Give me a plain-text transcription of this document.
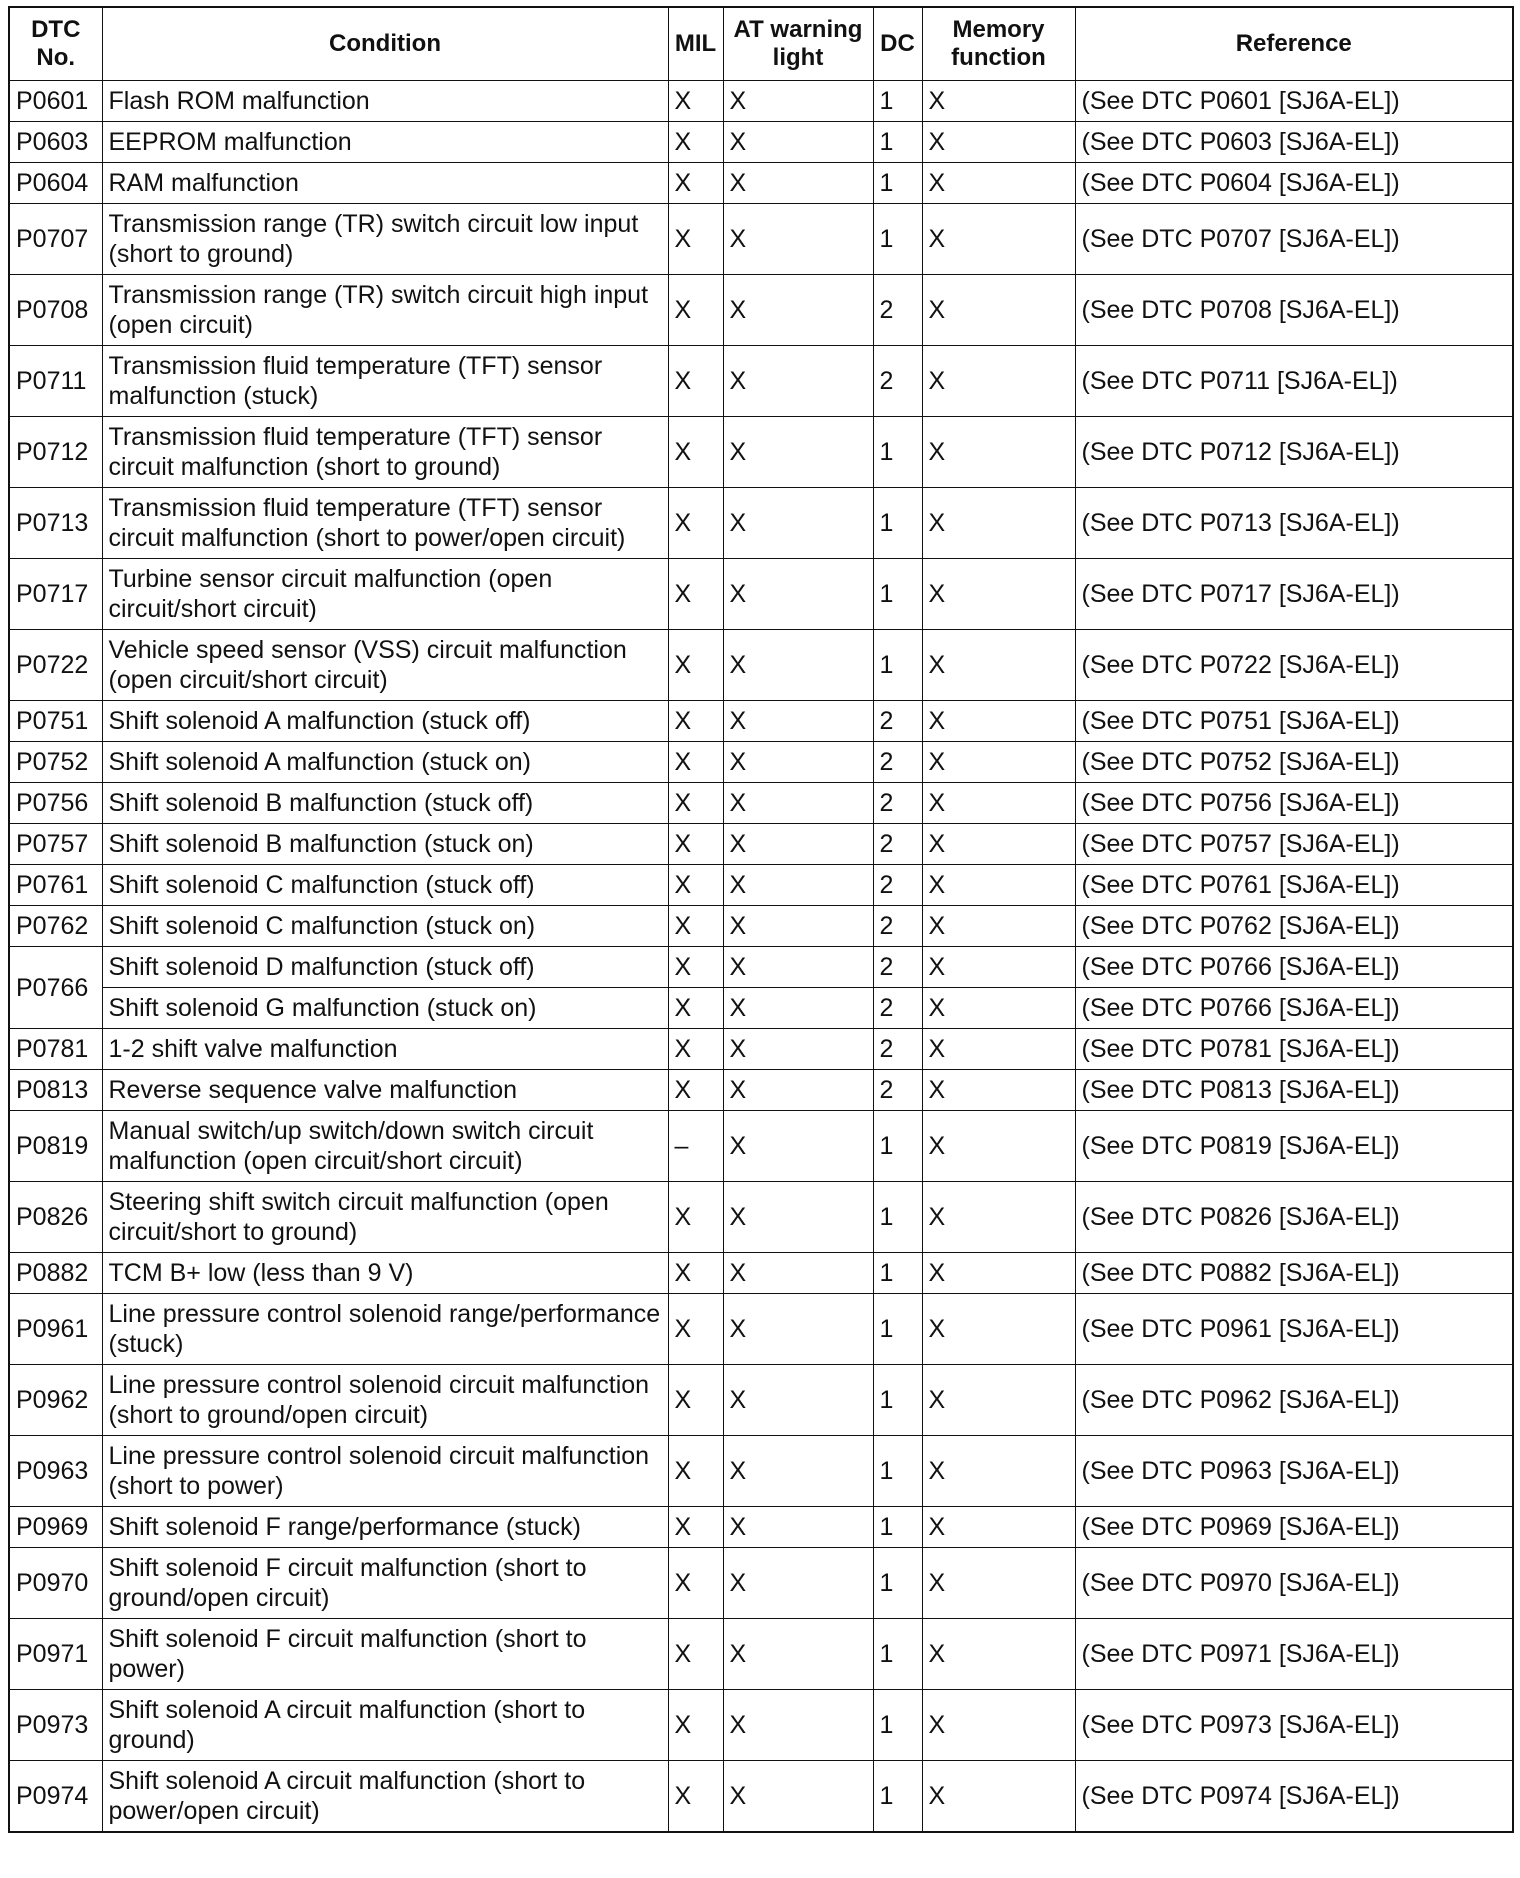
DTC No.	Condition	MIL	AT warning light	DC	Memory function	Reference
P0601	Flash ROM malfunction	X	X	1	X	(See DTC P0601 [SJ6A-EL])
P0603	EEPROM malfunction	X	X	1	X	(See DTC P0603 [SJ6A-EL])
P0604	RAM malfunction	X	X	1	X	(See DTC P0604 [SJ6A-EL])
P0707	Transmission range (TR) switch circuit low input (short to ground)	X	X	1	X	(See DTC P0707 [SJ6A-EL])
P0708	Transmission range (TR) switch circuit high input (open circuit)	X	X	2	X	(See DTC P0708 [SJ6A-EL])
P0711	Transmission fluid temperature (TFT) sensor malfunction (stuck)	X	X	2	X	(See DTC P0711 [SJ6A-EL])
P0712	Transmission fluid temperature (TFT) sensor circuit malfunction (short to ground)	X	X	1	X	(See DTC P0712 [SJ6A-EL])
P0713	Transmission fluid temperature (TFT) sensor circuit malfunction (short to power/open circuit)	X	X	1	X	(See DTC P0713 [SJ6A-EL])
P0717	Turbine sensor circuit malfunction (open circuit/short circuit)	X	X	1	X	(See DTC P0717 [SJ6A-EL])
P0722	Vehicle speed sensor (VSS) circuit malfunction (open circuit/short circuit)	X	X	1	X	(See DTC P0722 [SJ6A-EL])
P0751	Shift solenoid A malfunction (stuck off)	X	X	2	X	(See DTC P0751 [SJ6A-EL])
P0752	Shift solenoid A malfunction (stuck on)	X	X	2	X	(See DTC P0752 [SJ6A-EL])
P0756	Shift solenoid B malfunction (stuck off)	X	X	2	X	(See DTC P0756 [SJ6A-EL])
P0757	Shift solenoid B malfunction (stuck on)	X	X	2	X	(See DTC P0757 [SJ6A-EL])
P0761	Shift solenoid C malfunction (stuck off)	X	X	2	X	(See DTC P0761 [SJ6A-EL])
P0762	Shift solenoid C malfunction (stuck on)	X	X	2	X	(See DTC P0762 [SJ6A-EL])
P0766	Shift solenoid D malfunction (stuck off)	X	X	2	X	(See DTC P0766 [SJ6A-EL])
	Shift solenoid G malfunction (stuck on)	X	X	2	X	(See DTC P0766 [SJ6A-EL])
P0781	1-2 shift valve malfunction	X	X	2	X	(See DTC P0781 [SJ6A-EL])
P0813	Reverse sequence valve malfunction	X	X	2	X	(See DTC P0813 [SJ6A-EL])
P0819	Manual switch/up switch/down switch circuit malfunction (open circuit/short circuit)	–	X	1	X	(See DTC P0819 [SJ6A-EL])
P0826	Steering shift switch circuit malfunction (open circuit/short to ground)	X	X	1	X	(See DTC P0826 [SJ6A-EL])
P0882	TCM B+ low (less than 9 V)	X	X	1	X	(See DTC P0882 [SJ6A-EL])
P0961	Line pressure control solenoid range/performance (stuck)	X	X	1	X	(See DTC P0961 [SJ6A-EL])
P0962	Line pressure control solenoid circuit malfunction (short to ground/open circuit)	X	X	1	X	(See DTC P0962 [SJ6A-EL])
P0963	Line pressure control solenoid circuit malfunction (short to power)	X	X	1	X	(See DTC P0963 [SJ6A-EL])
P0969	Shift solenoid F range/performance (stuck)	X	X	1	X	(See DTC P0969 [SJ6A-EL])
P0970	Shift solenoid F circuit malfunction (short to ground/open circuit)	X	X	1	X	(See DTC P0970 [SJ6A-EL])
P0971	Shift solenoid F circuit malfunction (short to power)	X	X	1	X	(See DTC P0971 [SJ6A-EL])
P0973	Shift solenoid A circuit malfunction (short to ground)	X	X	1	X	(See DTC P0973 [SJ6A-EL])
P0974	Shift solenoid A circuit malfunction (short to power/open circuit)	X	X	1	X	(See DTC P0974 [SJ6A-EL])
